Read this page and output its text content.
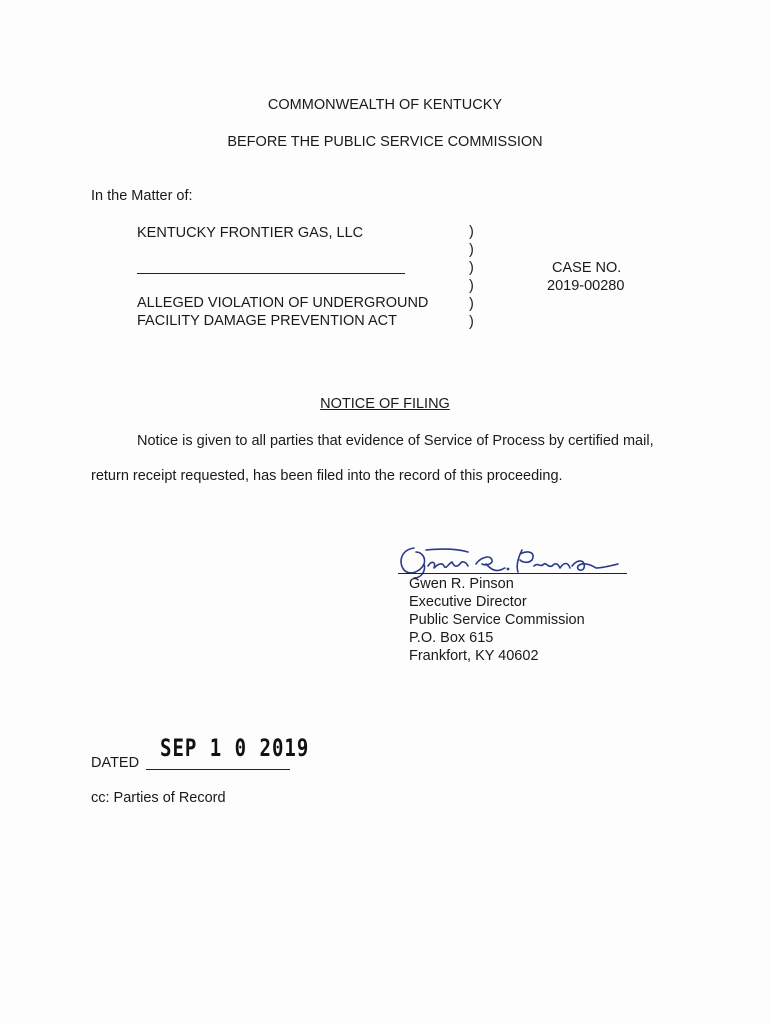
COMMONWEALTH OF KENTUCKY
BEFORE THE PUBLIC SERVICE COMMISSION
In the Matter of:
KENTUCKY FRONTIER GAS, LLC
ALLEGED VIOLATION OF UNDERGROUND
FACILITY DAMAGE PREVENTION ACT
)
)
)
)
)
)
CASE NO.
2019-00280
NOTICE OF FILING
Notice is given to all parties that evidence of Service of Process by certified mail,
return receipt requested, has been filed into the record of this proceeding.
Gwen R. Pinson
Executive Director
Public Service Commission
P.O. Box 615
Frankfort, KY 40602
DATED
SEP 1 0 2019
cc: Parties of Record
